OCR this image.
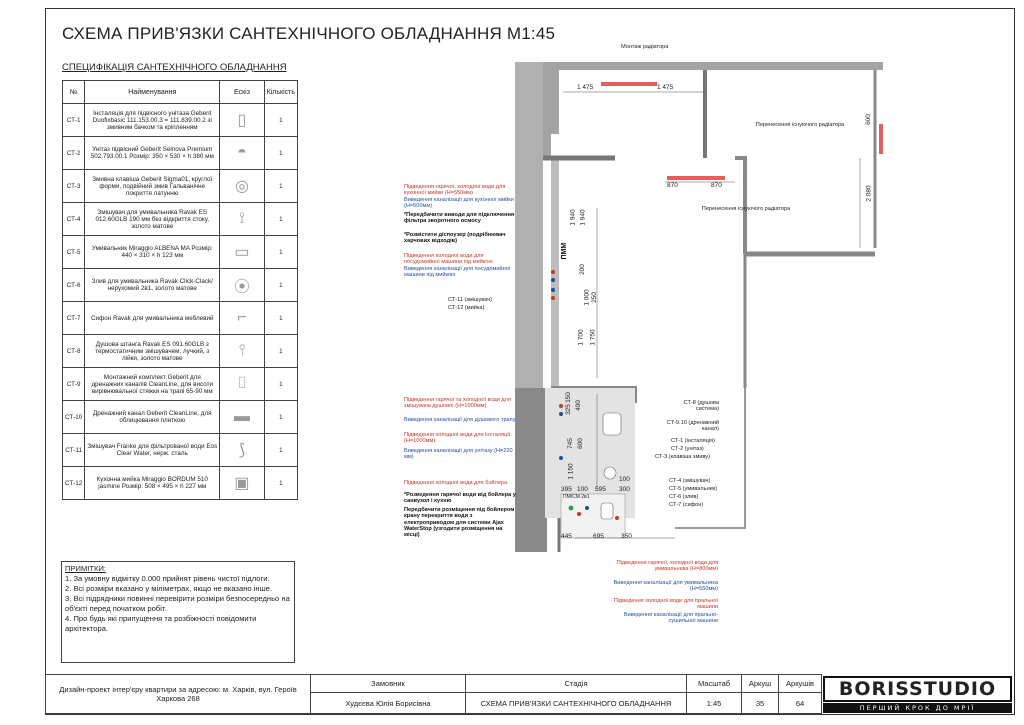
СХЕМА ПРИВ'ЯЗКИ САНТЕХНІЧНОГО ОБЛАДНАННЯ М1:45
СПЕЦИФІКАЦІЯ САНТЕХНІЧНОГО ОБЛАДНАННЯ
№	Найменування	Ескіз	Кількість
СТ-1	Інсталяція для підвісного унітаза Geberit Duofixbasic 111.153.00.3 = 111.839.00.2 зі змивним бачком та кріпленням	▯	1
СТ-2	Унітаз підвісний Geberit Selnova Premium 502.793.00.1 Розмір: 350 × 530 × h 380 мм	◓	1
СТ-3	Змивна клавіша Geberit Sigma01, круглої форми, подвійний змив Гальванічне покриття латунню	◎	1
СТ-4	Змішувач для умивальника Ravak ES 012.60GLB 190 мм без відкриття стоку, золото матове	⟟	1
СТ-5	Умивальник Miraggio ALBENA MA Розмір: 440 × 310 × h 123 мм	▭	1
СТ-6	Злив для умивальника Ravak Click-Clack/нерухомий 2в1, золото матове	⦿	1
СТ-7	Сифон Ravak для умивальника меблевий	⌐	1
СТ-8	Душова штанга Ravak ES 091.60GLB з термостатичним змішувачем, лучкий, з лійки, золото матове	⫯	1
СТ-9	Монтажний комплект Geberit для дренажних каналів CleanLine, для висоти вирівнювальної стяжки на трапі 65-90 мм	⌷	1
СТ-10	Дренажний канал Geberit CleanLine, для облицювання плиткою	▬	1
СТ-11	Змішувач Franke для фільтрованої води Eos Clear Water, нерж. сталь	⟆	1
СТ-12	Кухонна мийка Miraggio BORDUM 510 jasmine Розмір: 508 × 495 × h 227 мм	▣	1
ПРИМІТКИ:
1. За умовну відмітку 0.000 прийнят рівень чистої підлоги.
2. Всі розміри вказано у міліметрах, якщо не вказано інше.
3. Всі підрядники повинні перевірити розміри безпосередньо на об'єкті перед початком робіт.
4. Про будь які припущення та розбіжності повідомити архітектора.
Монтаж радіатора
Перенесення існуючого радіатора
Перенесення існуючого радіатора
ПММ
1 475	1 475
870	870
600
2 080
1 940 1 940
200
1 000 250
1 700 1 750
150
325 400
745 600
1 150
395 100 595
100
300
445	695	350
ПМ/СМ 2в1
СТ-8 (душова система)
СТ-9.10 (дренажний канал)
СТ-1 (інсталяція)
СТ-2 (унітаз)
СТ-3 (клавіша змиву)
СТ-4 (змішувач)
СТ-5 (умивальник)
СТ-6 (злив)
СТ-7 (сифон)
Підведення гарячої, холодної води для кухонної мийки (H=550мм)
Виведення каналізації для кухонної мийки (H=500мм)
*Передбачити виводи для підключення фільтра зворотного осмосу
*Розмістити діспоузер (подрібнювач харчових відходів)
Підведення холодної води для посудомийної машини під мийкою
Виведення каналізації для посудомийної машини під мийкою
СТ-11 (змішувач)
СТ-12 (мийка)
Підведення гарячої та холодної води для змішувача душової (H=1000мм)
Виведення каналізації для душового трапу
Підведення холодної води для інсталяції (H=1000мм)
Виведення каналізації для унітазу (H=220 мм)
Підведення холодної води для бойлера
*Розведення гарячої води від бойлера у санвузол і кухню
Передбачити розміщення під бойлером крану перекриття води з електроприводом для системи Ajax WaterStop (узгодити розміщення на місці)
Підведення гарячої, холодної води для умивальника (H=800мм)
Виведення каналізації для умивальника (H=550мм)
Підведення холодної води для пральної машини
Виведення каналізації для прально-сушильної машини
Дизайн-проект інтер'єру квартири за адресою: м. Харків, вул. Героїв Харкова 268	Замовник	Стадія	Масштаб	Аркуш	Аркушів	BORISSTUDIO
ПЕРШИЙ КРОК ДО МРІЇ

	Худєєва Юлія Борисівна	СХЕМА ПРИВ'ЯЗКИ САНТЕХНІЧНОГО ОБЛАДНАННЯ	1:45	35	64	
